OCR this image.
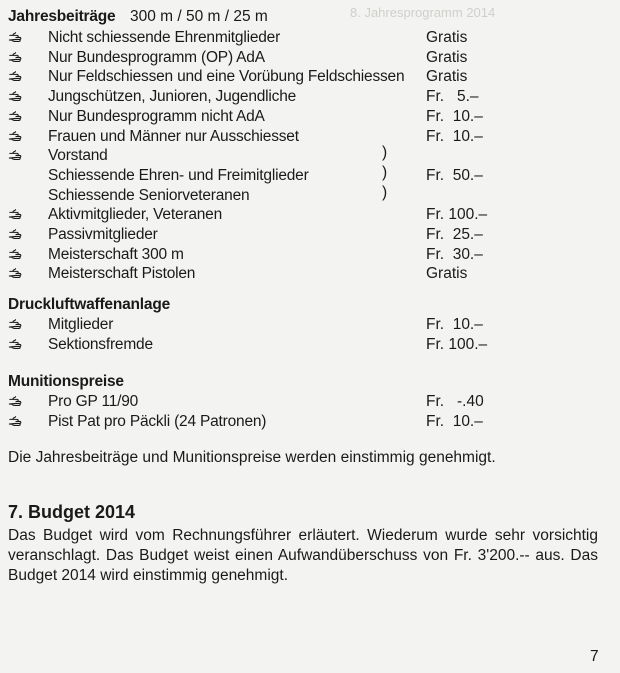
8. Jahresprogramm 2014
Jahresbeiträge 300 m / 50 m / 25 m
Nicht schiessende Ehrenmitglieder	Gratis
Nur Bundesprogramm (OP) AdA	Gratis
Nur Feldschiessen und eine Vorübung Feldschiessen Gratis
Jungschützen, Junioren, Jugendliche	Fr.   5.–
Nur Bundesprogramm nicht AdA	Fr.  10.–
Frauen und Männer nur Ausschiesset	Fr.  10.–
Vorstand
Schiessende Ehren- und Freimitglieder	Fr.  50.–
Schiessende Seniorveteranen
Aktivmitglieder, Veteranen	Fr. 100.–
Passivmitglieder	Fr.  25.–
Meisterschaft 300 m	Fr.  30.–
Meisterschaft Pistolen	Gratis
)
)
)
Druckluftwaffenanlage
Mitglieder	Fr.  10.–
Sektionsfremde	Fr. 100.–
Munitionspreise
Pro GP 11/90	Fr.   -.40
Pist Pat pro Päckli (24 Patronen)	Fr.  10.–
Die Jahresbeiträge und Munitionspreise werden einstimmig genehmigt.
7. Budget 2014
Das Budget wird vom Rechnungsführer erläutert. Wiederum wurde sehr vorsichtig veranschlagt. Das Budget weist einen Aufwandüberschuss von Fr. 3'200.-- aus. Das Budget 2014 wird einstimmig genehmigt.
7
